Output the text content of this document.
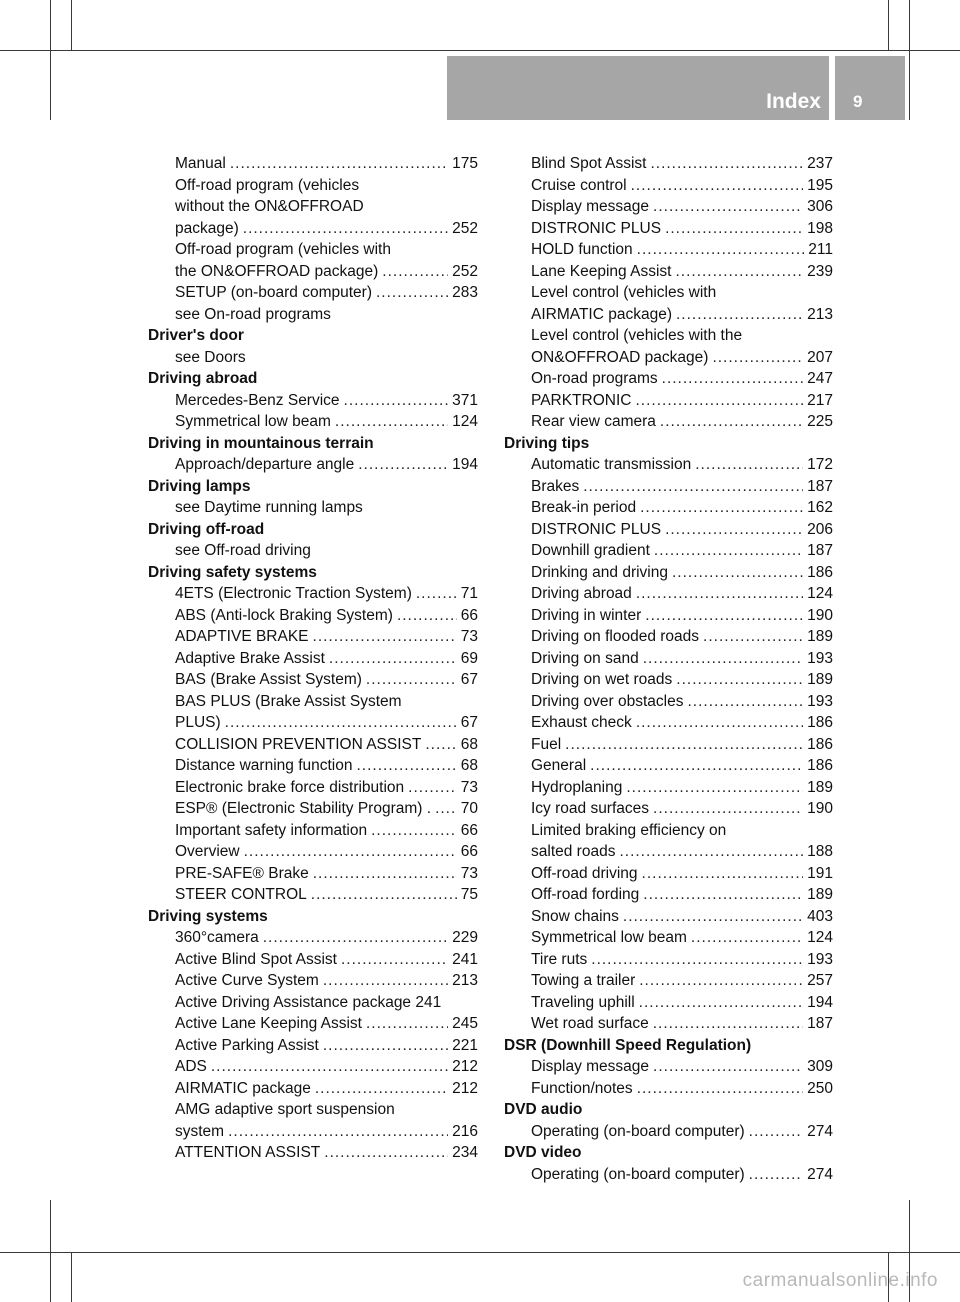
Index 9
Manual .....	175
Off-road program (vehicles
without the ON&OFFROAD
package) .....	252
Off-road program (vehicles with
the ON&OFFROAD package) .....	252
SETUP (on-board computer) .....	283
see On-road programs
Driver's door
see Doors
Driving abroad
Mercedes-Benz Service .....	371
Symmetrical low beam .....	124
Driving in mountainous terrain
Approach/departure angle .....	194
Driving lamps
see Daytime running lamps
Driving off-road
see Off-road driving
Driving safety systems
4ETS (Electronic Traction System) .....	71
ABS (Anti-lock Braking System) .....	66
ADAPTIVE BRAKE .....	73
Adaptive Brake Assist .....	69
BAS (Brake Assist System) .....	67
BAS PLUS (Brake Assist System
PLUS) .....	67
COLLISION PREVENTION ASSIST .....	68
Distance warning function .....	68
Electronic brake force distribution .....	73
ESP® (Electronic Stability Program) . ..... 70
Important safety information .....	66
Overview .....	66
PRE-SAFE® Brake .....	73
STEER CONTROL .....	75
Driving systems
360°camera .....	229
Active Blind Spot Assist .....	241
Active Curve System .....	213
Active Driving Assistance package 241
Active Lane Keeping Assist .....	245
Active Parking Assist .....	221
ADS .....	212
AIRMATIC package .....	212
AMG adaptive sport suspension
system .....	216
ATTENTION ASSIST .....	234
Blind Spot Assist .....	237
Cruise control .....	195
Display message .....	306
DISTRONIC PLUS .....	198
HOLD function .....	211
Lane Keeping Assist .....	239
Level control (vehicles with
AIRMATIC package) .....	213
Level control (vehicles with the
ON&OFFROAD package) .....	207
On-road programs .....	247
PARKTRONIC .....	217
Rear view camera .....	225
Driving tips
Automatic transmission .....	172
Brakes .....	187
Break-in period .....	162
DISTRONIC PLUS .....	206
Downhill gradient .....	187
Drinking and driving .....	186
Driving abroad .....	124
Driving in winter .....	190
Driving on flooded roads .....	189
Driving on sand .....	193
Driving on wet roads .....	189
Driving over obstacles .....	193
Exhaust check .....	186
Fuel .....	186
General .....	186
Hydroplaning .....	189
Icy road surfaces .....	190
Limited braking efficiency on
salted roads .....	188
Off-road driving .....	191
Off-road fording .....	189
Snow chains .....	403
Symmetrical low beam .....	124
Tire ruts .....	193
Towing a trailer .....	257
Traveling uphill .....	194
Wet road surface .....	187
DSR (Downhill Speed Regulation)
Display message .....	309
Function/notes .....	250
DVD audio
Operating (on-board computer) .....	274
DVD video
Operating (on-board computer) .....	274
carmanualsonline.info
